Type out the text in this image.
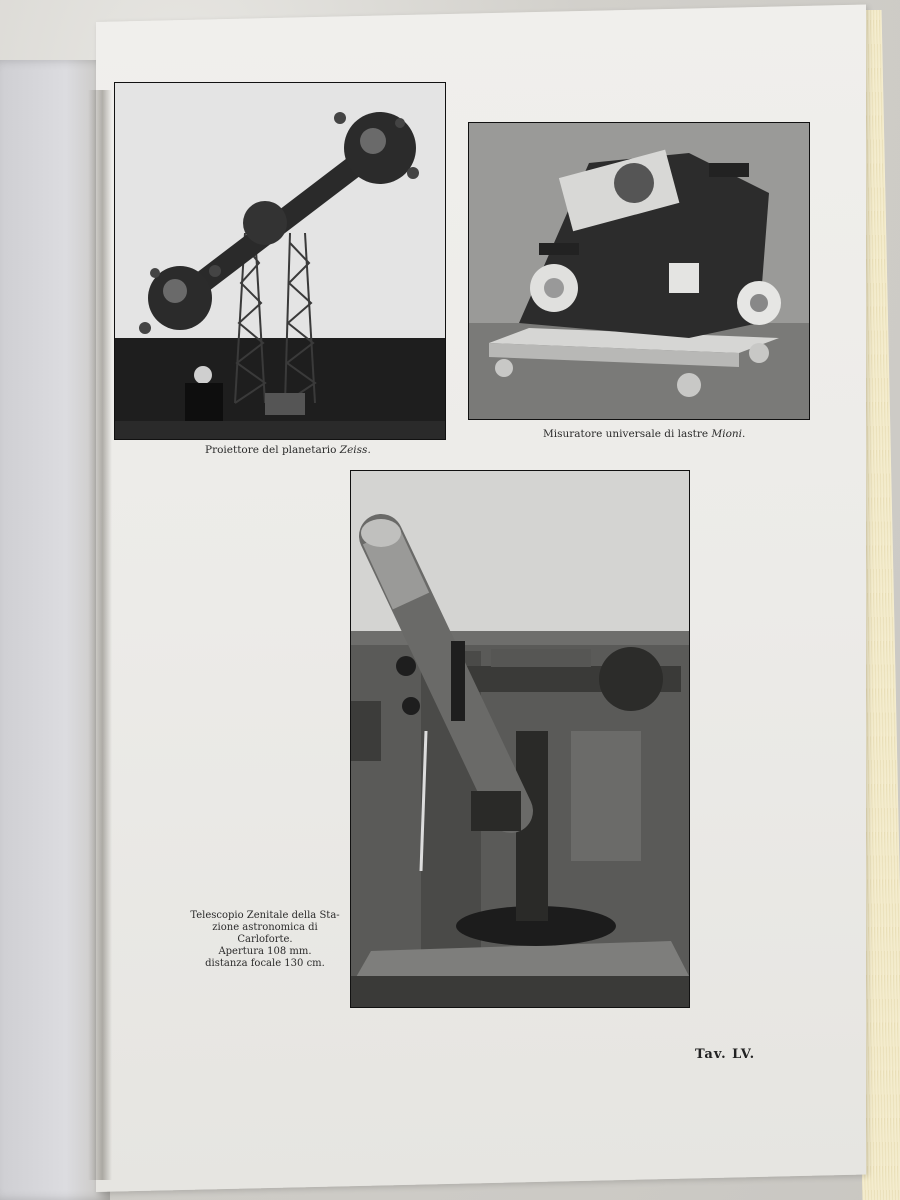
Proiettore del planetario Zeiss.
Misuratore universale di lastre Mioni.
Telescopio Zenitale della Sta-
zione astronomica di Carloforte.
Apertura 108 mm.
distanza focale 130 cm.
Tav. LV.
